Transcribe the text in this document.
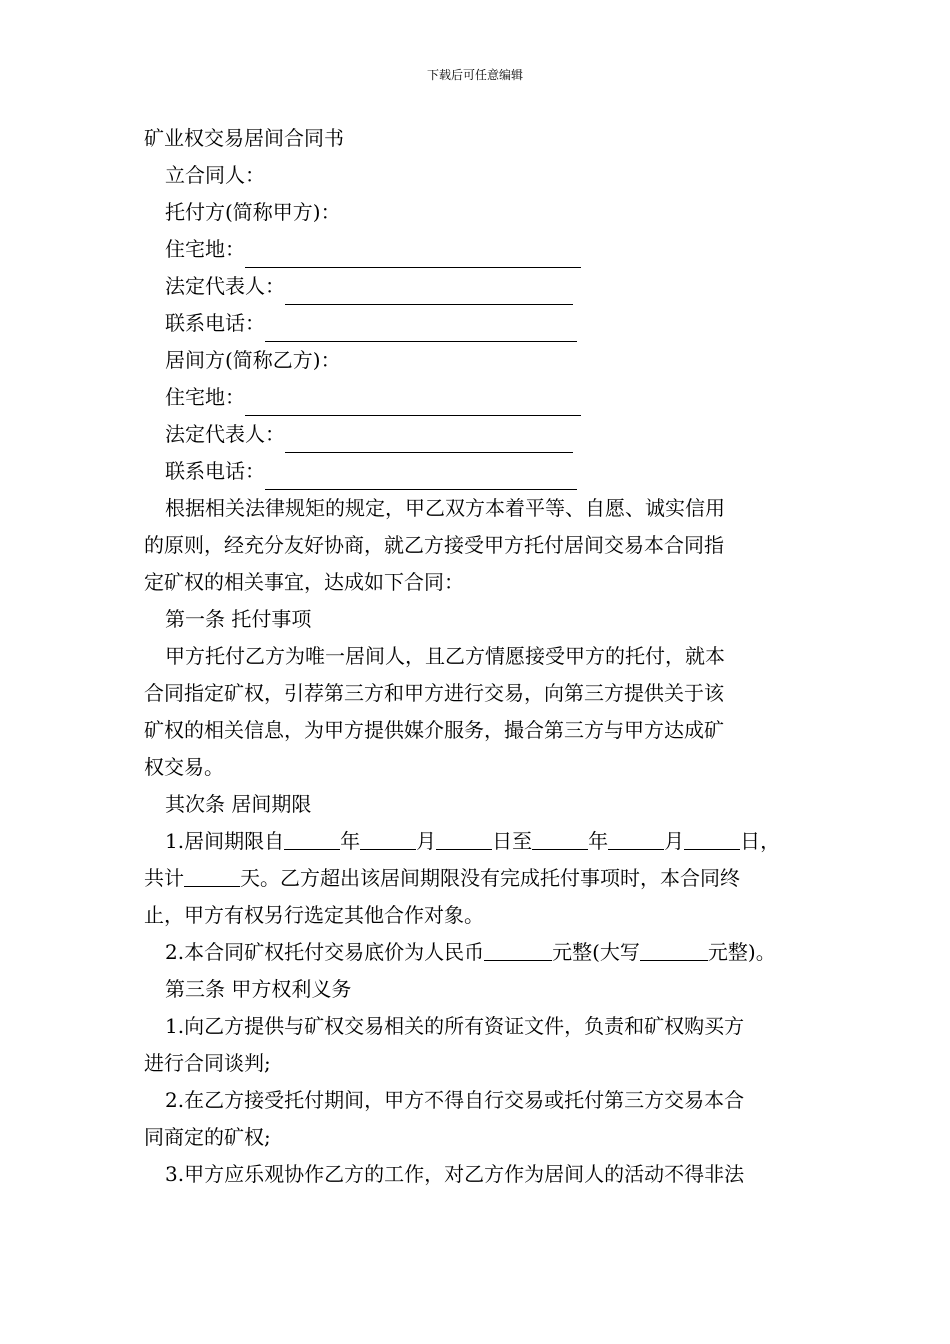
下载后可任意编辑
矿业权交易居间合同书
立合同人：
托付方(简称甲方)：
住宅地：
法定代表人：
联系电话：
居间方(简称乙方)：
住宅地：
法定代表人：
联系电话：
根据相关法律规矩的规定，甲乙双方本着平等、自愿、诚实信用
的原则，经充分友好协商，就乙方接受甲方托付居间交易本合同指
定矿权的相关事宜，达成如下合同：
第一条 托付事项
甲方托付乙方为唯一居间人，且乙方情愿接受甲方的托付，就本
合同指定矿权，引荐第三方和甲方进行交易，向第三方提供关于该
矿权的相关信息，为甲方提供媒介服务，撮合第三方与甲方达成矿
权交易。
其次条 居间期限
1.居间期限自	年	月	日至	年	月	日，
共计	天。乙方超出该居间期限没有完成托付事项时，本合同终
止，甲方有权另行选定其他合作对象。
2.本合同矿权托付交易底价为人民币	元整(大写	元整)。
第三条 甲方权利义务
1.向乙方提供与矿权交易相关的所有资证文件，负责和矿权购买方
进行合同谈判;
2.在乙方接受托付期间，甲方不得自行交易或托付第三方交易本合
同商定的矿权;
3.甲方应乐观协作乙方的工作，对乙方作为居间人的活动不得非法
